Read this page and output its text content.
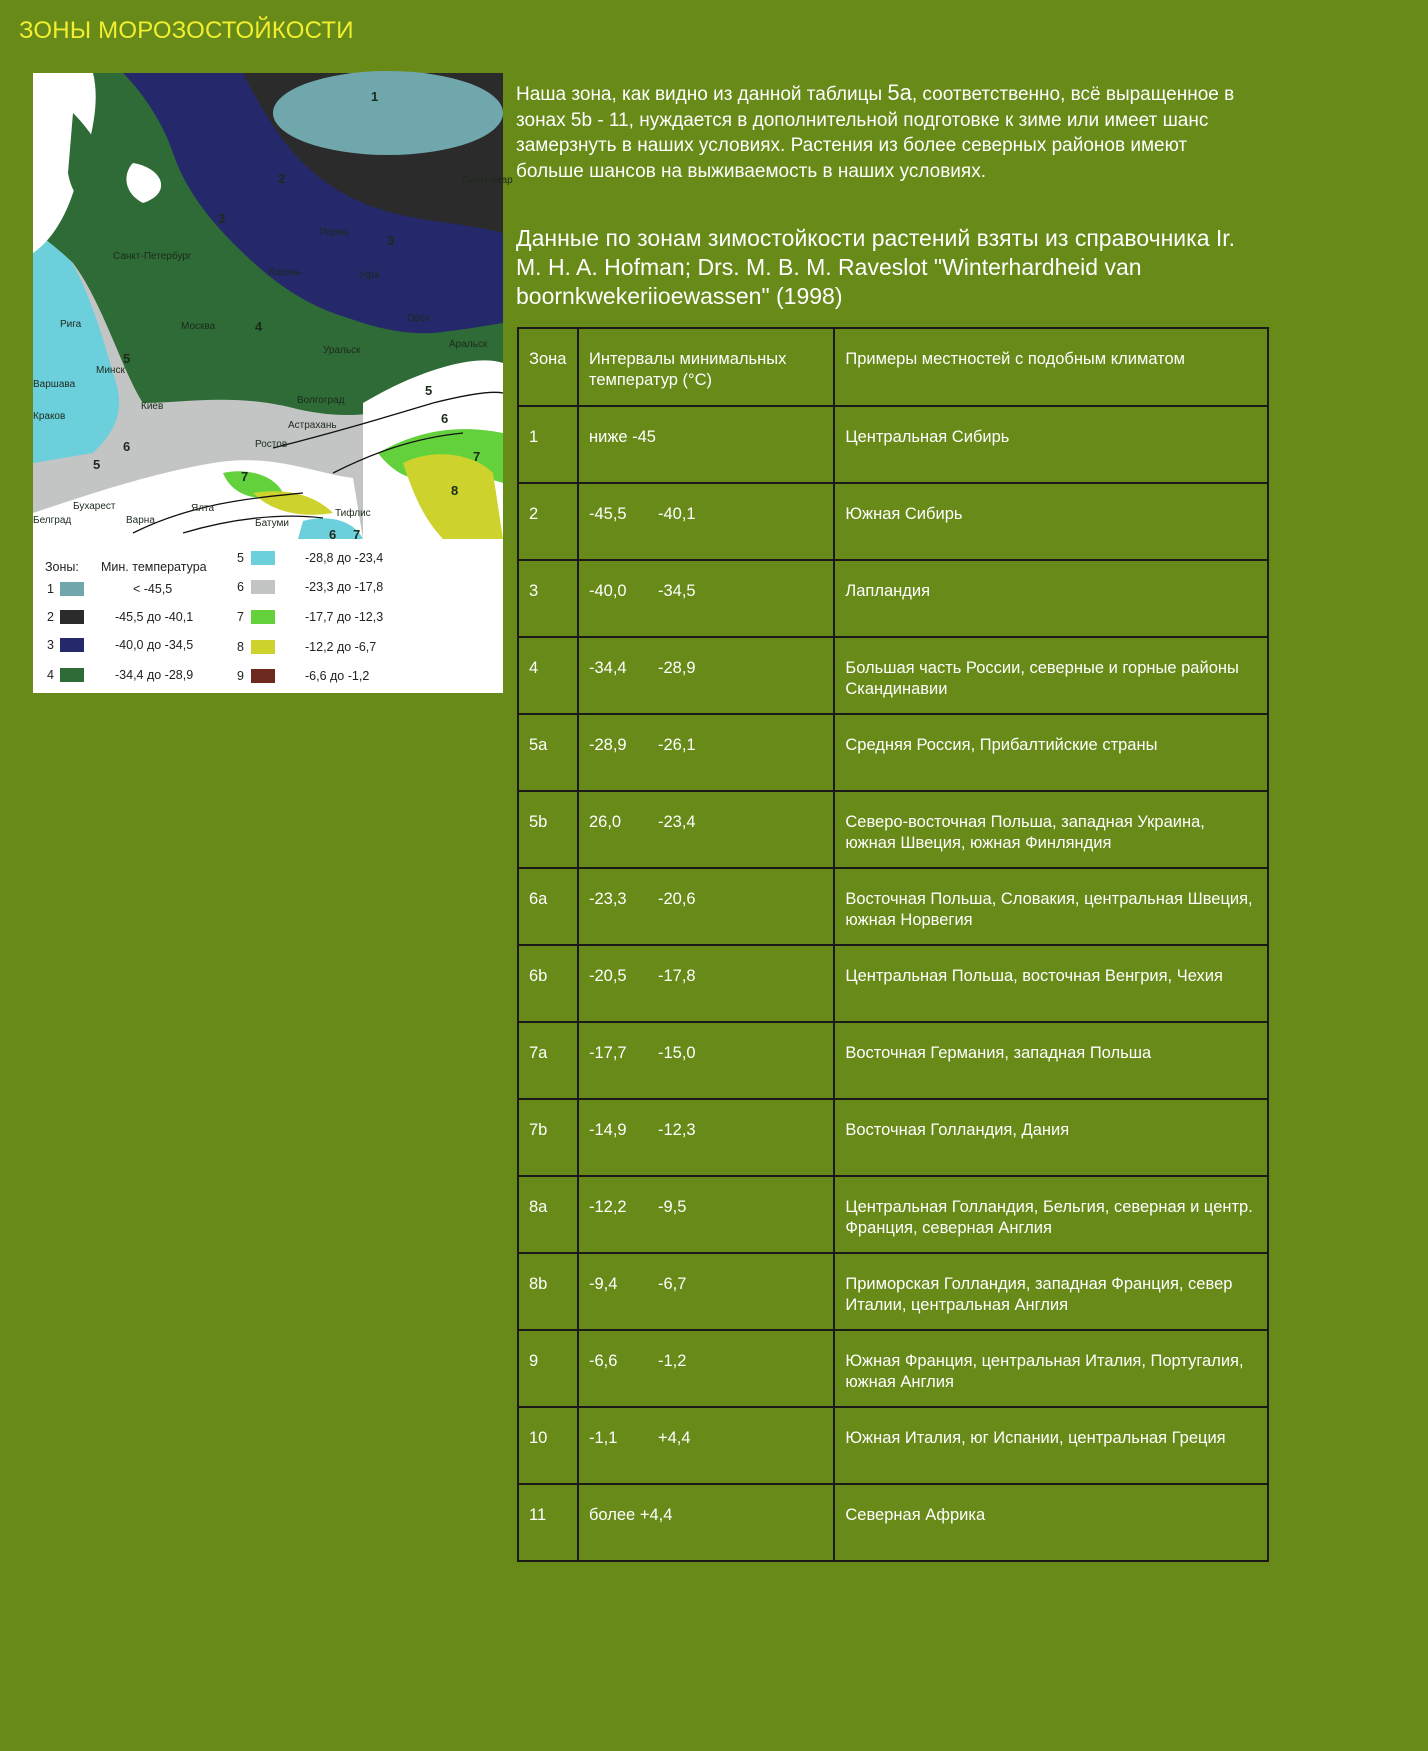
ЗОНЫ МОРОЗОСТОЙКОСТИ
Санкт-Петербург
Казань	Уфа
Пермь
Орск
Рига	Москва
Уральск
Аральск
Минск
Варшава
Краков
Киев
Волгоград
Астрахань
Ростов
Бухарест
Белград	Варна
Ялта
Батуми
Тифлис
Сыктывкар
1
2
3
3
4
5
5
5
6
6
7
7
8
6 7
Зоны: Мин. температура
1	< -45,5
2	-45,5 до -40,1
3	-40,0 до -34,5
4	-34,4 до -28,9
5	-28,8 до -23,4
6	-23,3 до -17,8
7	-17,7 до -12,3
8	-12,2 до -6,7
9	-6,6 до -1,2
Наша зона, как видно из данной таблицы 5а, соответственно, всё выращенное в зонах 5b - 11, нуждается в дополнительной подготовке к зиме или имеет шанс замерзнуть в наших условиях. Растения из более северных районов имеют больше шансов на выживаемость в наших условиях.
Данные по зонам зимостойкости растений взяты из справочника Ir. M. H. A. Hofman; Drs. M. B. M. Raveslot "Winterhardheid van boornkwekeriioewassen" (1998)
Зона	Интервалы минимальных температур (°C)	Примеры местностей с подобным климатом
1	ниже -45	Центральная Сибирь
2	-45,5 -40,1	Южная Сибирь
3	-40,0 -34,5	Лапландия
4	-34,4 -28,9	Большая часть России, северные и горные районы Скандинавии
5a	-28,9 -26,1	Средняя Россия, Прибалтийские страны
5b	26,0 -23,4	Северо-восточная Польша, западная Украина, южная Швеция, южная Финляндия
6a	-23,3 -20,6	Восточная Польша, Словакия, центральная Швеция, южная Норвегия
6b	-20,5 -17,8	Центральная Польша, восточная Венгрия, Чехия
7a	-17,7 -15,0	Восточная Германия, западная Польша
7b	-14,9 -12,3	Восточная Голландия, Дания
8a	-12,2 -9,5	Центральная Голландия, Бельгия, северная и центр. Франция, северная Англия
8b	-9,4 -6,7	Приморская Голландия, западная Франция, север Италии, центральная Англия
9	-6,6 -1,2	Южная Франция, центральная Италия, Португалия, южная Англия
10	-1,1 +4,4	Южная Италия, юг Испании, центральная Греция
11	более +4,4	Северная Африка
